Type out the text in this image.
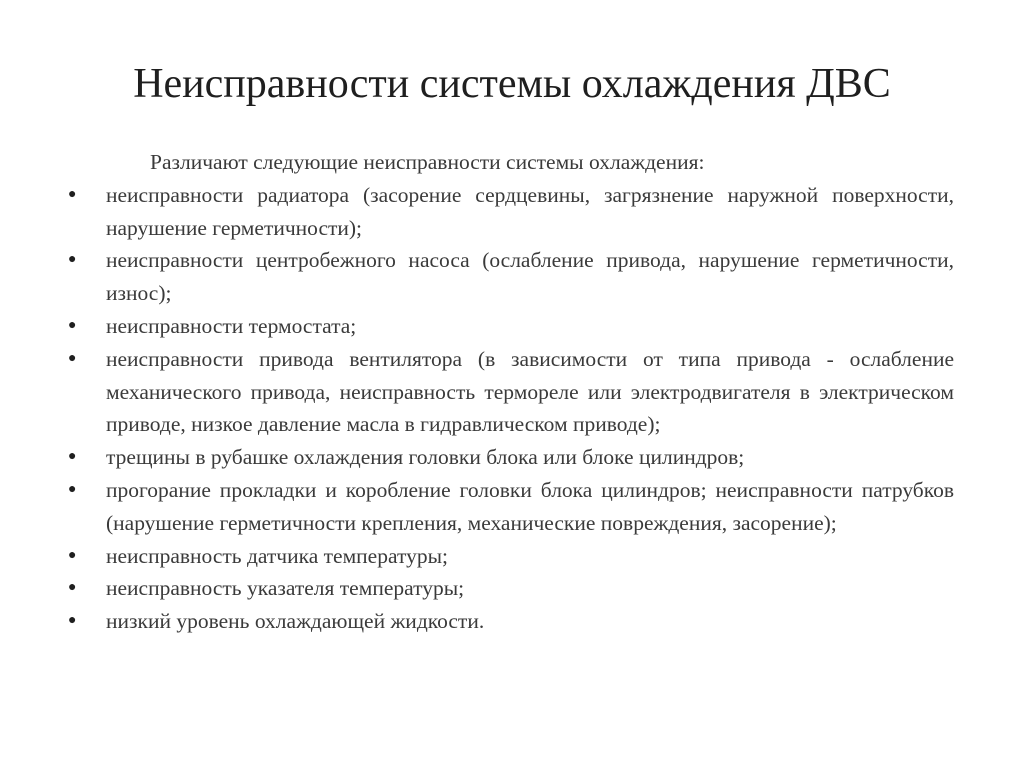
Неисправности системы охлаждения ДВС
Различают следующие неисправности системы охлаждения:
●	неисправности радиатора (засорение сердцевины, загрязнение наружной поверхности, нарушение герметичности);
●	неисправности центробежного насоса (ослабление привода, нарушение герметичности, износ);
●	неисправности термостата;
●	неисправности привода вентилятора (в зависимости от типа привода - ослабление механического привода, неисправность термореле или электродвигателя в электрическом приводе, низкое давление масла в гидравлическом приводе);
●	трещины в рубашке охлаждения головки блока или блоке цилиндров;
●	прогорание прокладки и коробление головки блока цилиндров; неисправности патрубков (нарушение герметичности крепления, механические повреждения, засорение);
●	неисправность датчика температуры;
●	неисправность указателя температуры;
●	низкий уровень охлаждающей жидкости.
